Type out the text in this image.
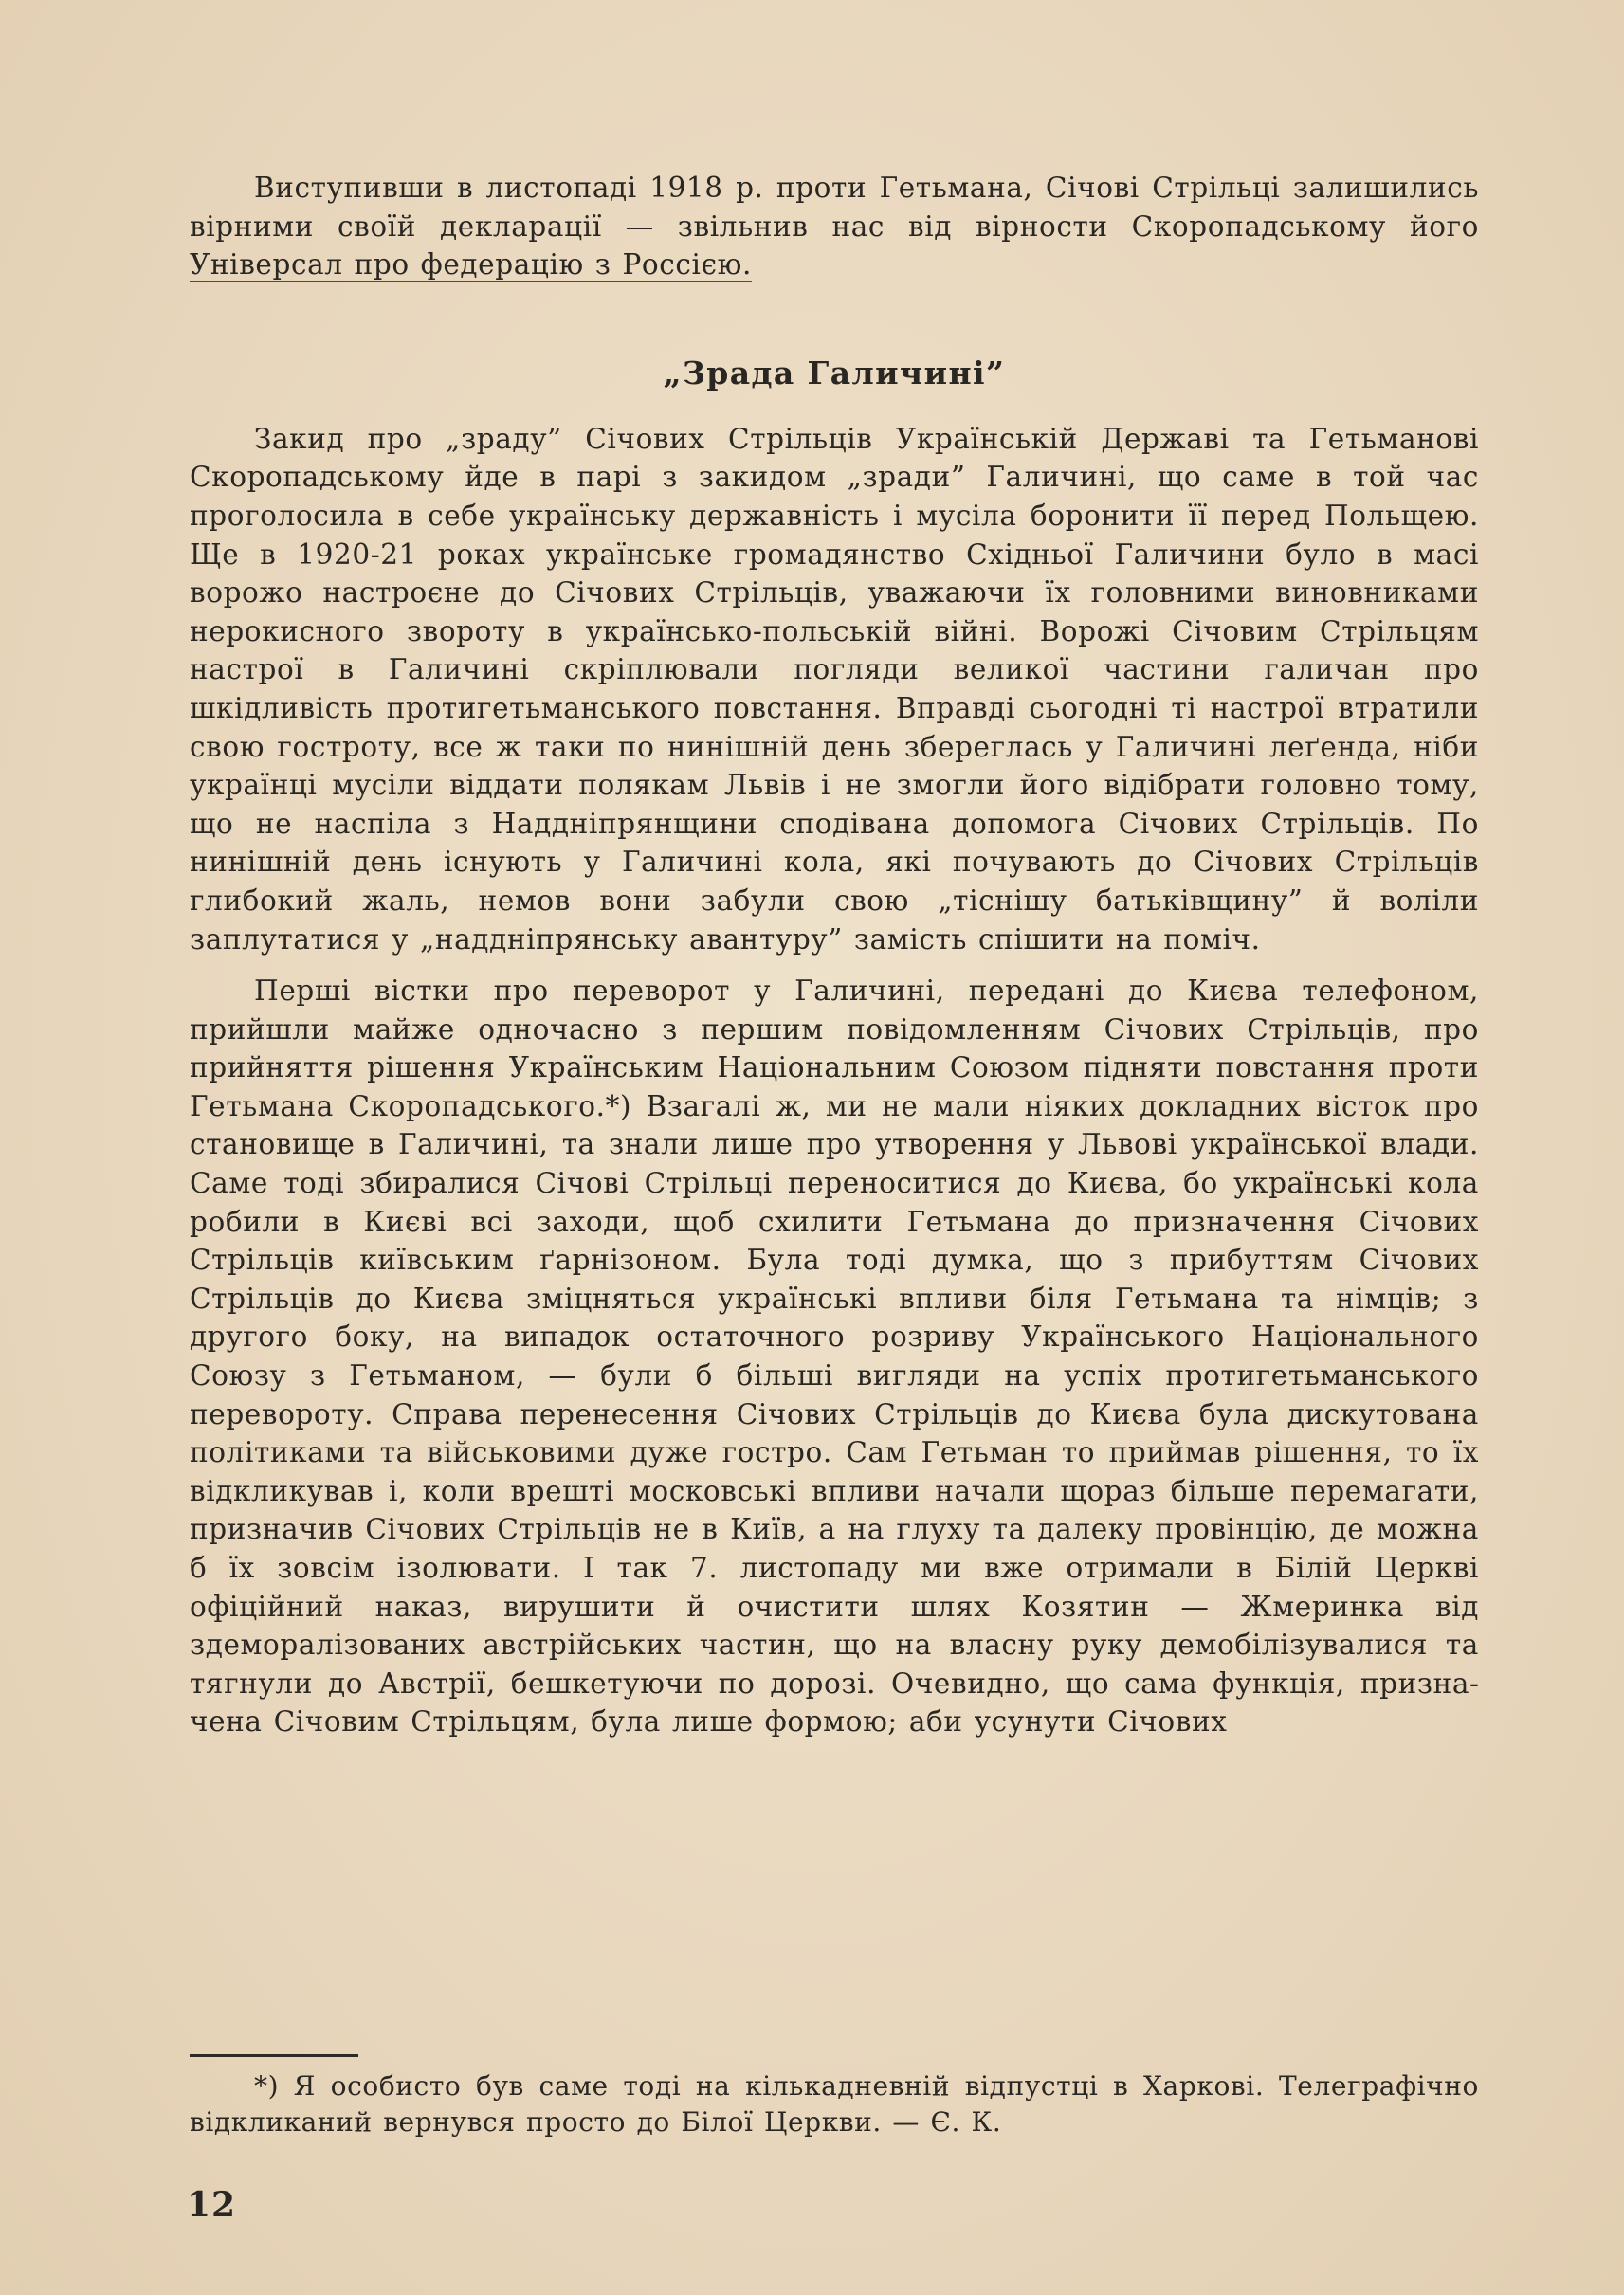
Виступивши в листопаді 1918 р. проти Гетьмана, Січові Стрільці залишились вірними своїй декларації — звільнив нас від вірности Скоропадському його Універсал про федерацію з Россією.

„Зрада Галичині”

Закид про „зраду” Січових Стрільців Українській Державі та Гетьманові Скоропадському йде в парі з закидом „зради” Галичині, що саме в той час проголосила в себе українську державність і мусіла боронити її перед Польщею. Ще в 1920-21 роках українське громадянство Східньої Галичини було в масі ворожо настроєне до Січових Стрільців, уважаючи їх головними виновниками нерокисного звороту в українсько-польській війні. Ворожі Січовим Стрільцям настрої в Галичині скріплювали погляди великої частини галичан про шкідливість протигетьманського повстання. Вправді сьогодні ті настрої втратили свою гостроту, все ж таки по нинішній день збереглась у Галичині леґенда, ніби українці мусіли віддати полякам Львів і не змогли його відібрати головно тому, що не наспіла з Наддніпрянщини сподівана допомога Січових Стрільців. По нинішній день існують у Галичині кола, які почувають до Січових Стрільців глибокий жаль, немов вони забули свою „тіснішу батьківщину” й воліли заплутатися у „наддніпрянську авантуру” замість спішити на поміч.

Перші вістки про переворот у Галичині, передані до Києва телефоном, прийшли майже одночасно з першим повідомленням Січових Стрільців, про прийняття рішення Українським Національним Союзом підняти повстання проти Гетьмана Скоропадського.*) Взагалі ж, ми не мали ніяких докладних вісток про становище в Галичині, та знали лише про утворення у Львові української влади. Саме тоді збиралися Січові Стрільці переноситися до Києва, бо українські кола робили в Києві всі заходи, щоб схилити Гетьмана до призначення Січових Стрільців київським ґарнізоном. Була тоді думка, що з прибуттям Січових Стрільців до Києва зміцняться українські впливи біля Гетьмана та німців; з другого боку, на випадок остаточного розриву Українського Національного Союзу з Гетьманом, — були б більші вигляди на успіх протигетьманського перевороту. Справа перенесення Січових Стрільців до Києва була дискутована політиками та військовими дуже гостро. Сам Гетьман то приймав рішення, то їх відкликував і, коли врешті московські впливи начали щораз більше перемагати, призначив Січових Стрільців не в Київ, а на глуху та далеку провінцію, де можна б їх зовсім ізолювати. І так 7. листопаду ми вже отримали в Білій Церкві офіційний наказ, вирушити й очистити шлях Козятин — Жмеринка від здеморалізованих австрійських частин, що на власну руку демобілізувалися та тягнули до Австрії, бешкетуючи по дорозі. Очевидно, що сама функція, призначена Січовим Стрільцям, була лише формою; аби усунути Січових

*) Я особисто був саме тоді на кількадневній відпустці в Харкові. Телеграфічно відкликаний вернувся просто до Білої Церкви. — Є. К.

12
